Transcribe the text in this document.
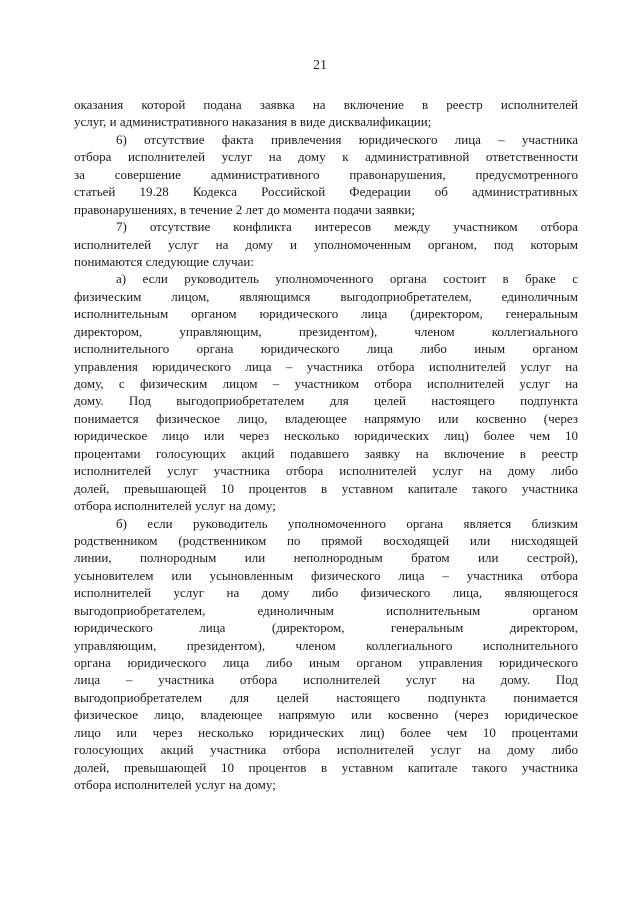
21
оказания которой подана заявка на включение в реестр исполнителей
услуг, и административного наказания в виде дисквалификации;
6) отсутствие факта привлечения юридического лица – участника
отбора исполнителей услуг на дому к административной ответственности
за совершение административного правонарушения, предусмотренного
статьей 19.28 Кодекса Российской Федерации об административных
правонарушениях, в течение 2 лет до момента подачи заявки;
7) отсутствие конфликта интересов между участником отбора
исполнителей услуг на дому и уполномоченным органом, под которым
понимаются следующие случаи:
а) если руководитель уполномоченного органа состоит в браке с
физическим лицом, являющимся выгодоприобретателем, единоличным
исполнительным органом юридического лица (директором, генеральным
директором, управляющим, президентом), членом коллегиального
исполнительного органа юридического лица либо иным органом
управления юридического лица – участника отбора исполнителей услуг на
дому, с физическим лицом – участником отбора исполнителей услуг на
дому. Под выгодоприобретателем для целей настоящего подпункта
понимается физическое лицо, владеющее напрямую или косвенно (через
юридическое лицо или через несколько юридических лиц) более чем 10
процентами голосующих акций подавшего заявку на включение в реестр
исполнителей услуг участника отбора исполнителей услуг на дому либо
долей, превышающей 10 процентов в уставном капитале такого участника
отбора исполнителей услуг на дому;
б) если руководитель уполномоченного органа является близким
родственником (родственником по прямой восходящей или нисходящей
линии, полнородным или неполнородным братом или сестрой),
усыновителем или усыновленным физического лица – участника отбора
исполнителей услуг на дому либо физического лица, являющегося
выгодоприобретателем, единоличным исполнительным органом
юридического лица (директором, генеральным директором,
управляющим, президентом), членом коллегиального исполнительного
органа юридического лица либо иным органом управления юридического
лица – участника отбора исполнителей услуг на дому. Под
выгодоприобретателем для целей настоящего подпункта понимается
физическое лицо, владеющее напрямую или косвенно (через юридическое
лицо или через несколько юридических лиц) более чем 10 процентами
голосующих акций участника отбора исполнителей услуг на дому либо
долей, превышающей 10 процентов в уставном капитале такого участника
отбора исполнителей услуг на дому;
